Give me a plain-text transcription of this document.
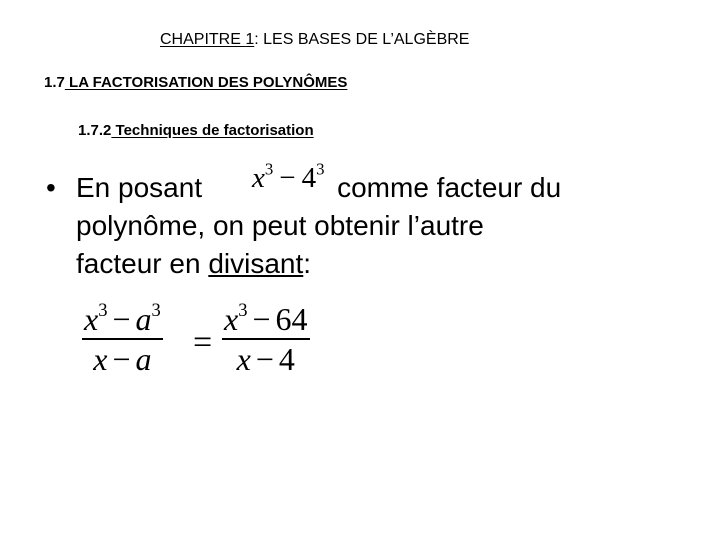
CHAPITRE 1: LES BASES DE L’ALGÈBRE
1.7 LA FACTORISATION DES POLYNÔMES
1.7.2 Techniques de factorisation
• En posant	comme facteur du
$x^3 - 4^3$
polynôme, on peut obtenir l’autre
facteur en divisant:
$x^3 - a^3$
x − a =
$x^3 - 64$
x − 4
